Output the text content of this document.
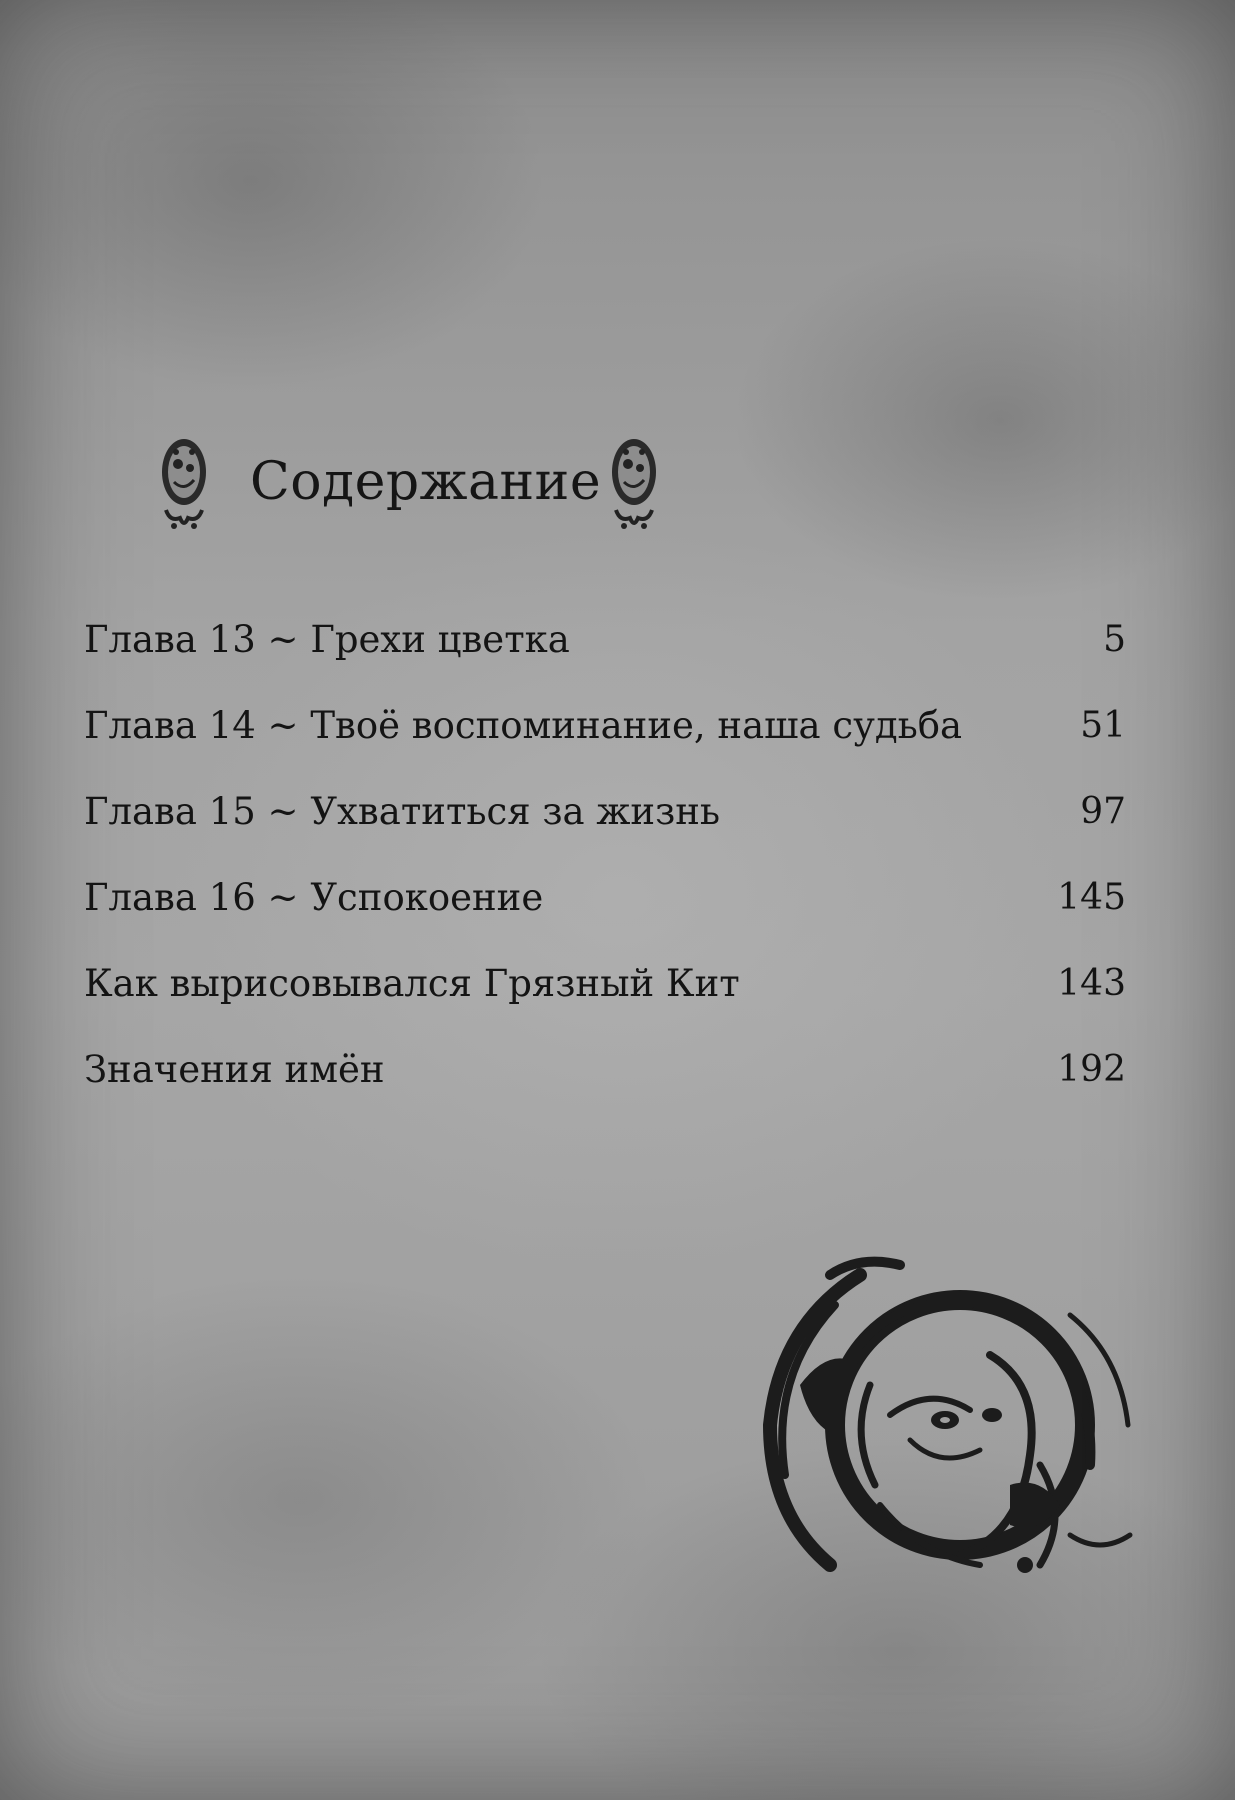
Содержание
Глава 13 ~ Грехи цветка	5
Глава 14 ~ Твоё воспоминание, наша судьба	51
Глава 15 ~ Ухватиться за жизнь	97
Глава 16 ~ Успокоение	145
Как вырисовывался Грязный Кит	143
Значения имён	192
